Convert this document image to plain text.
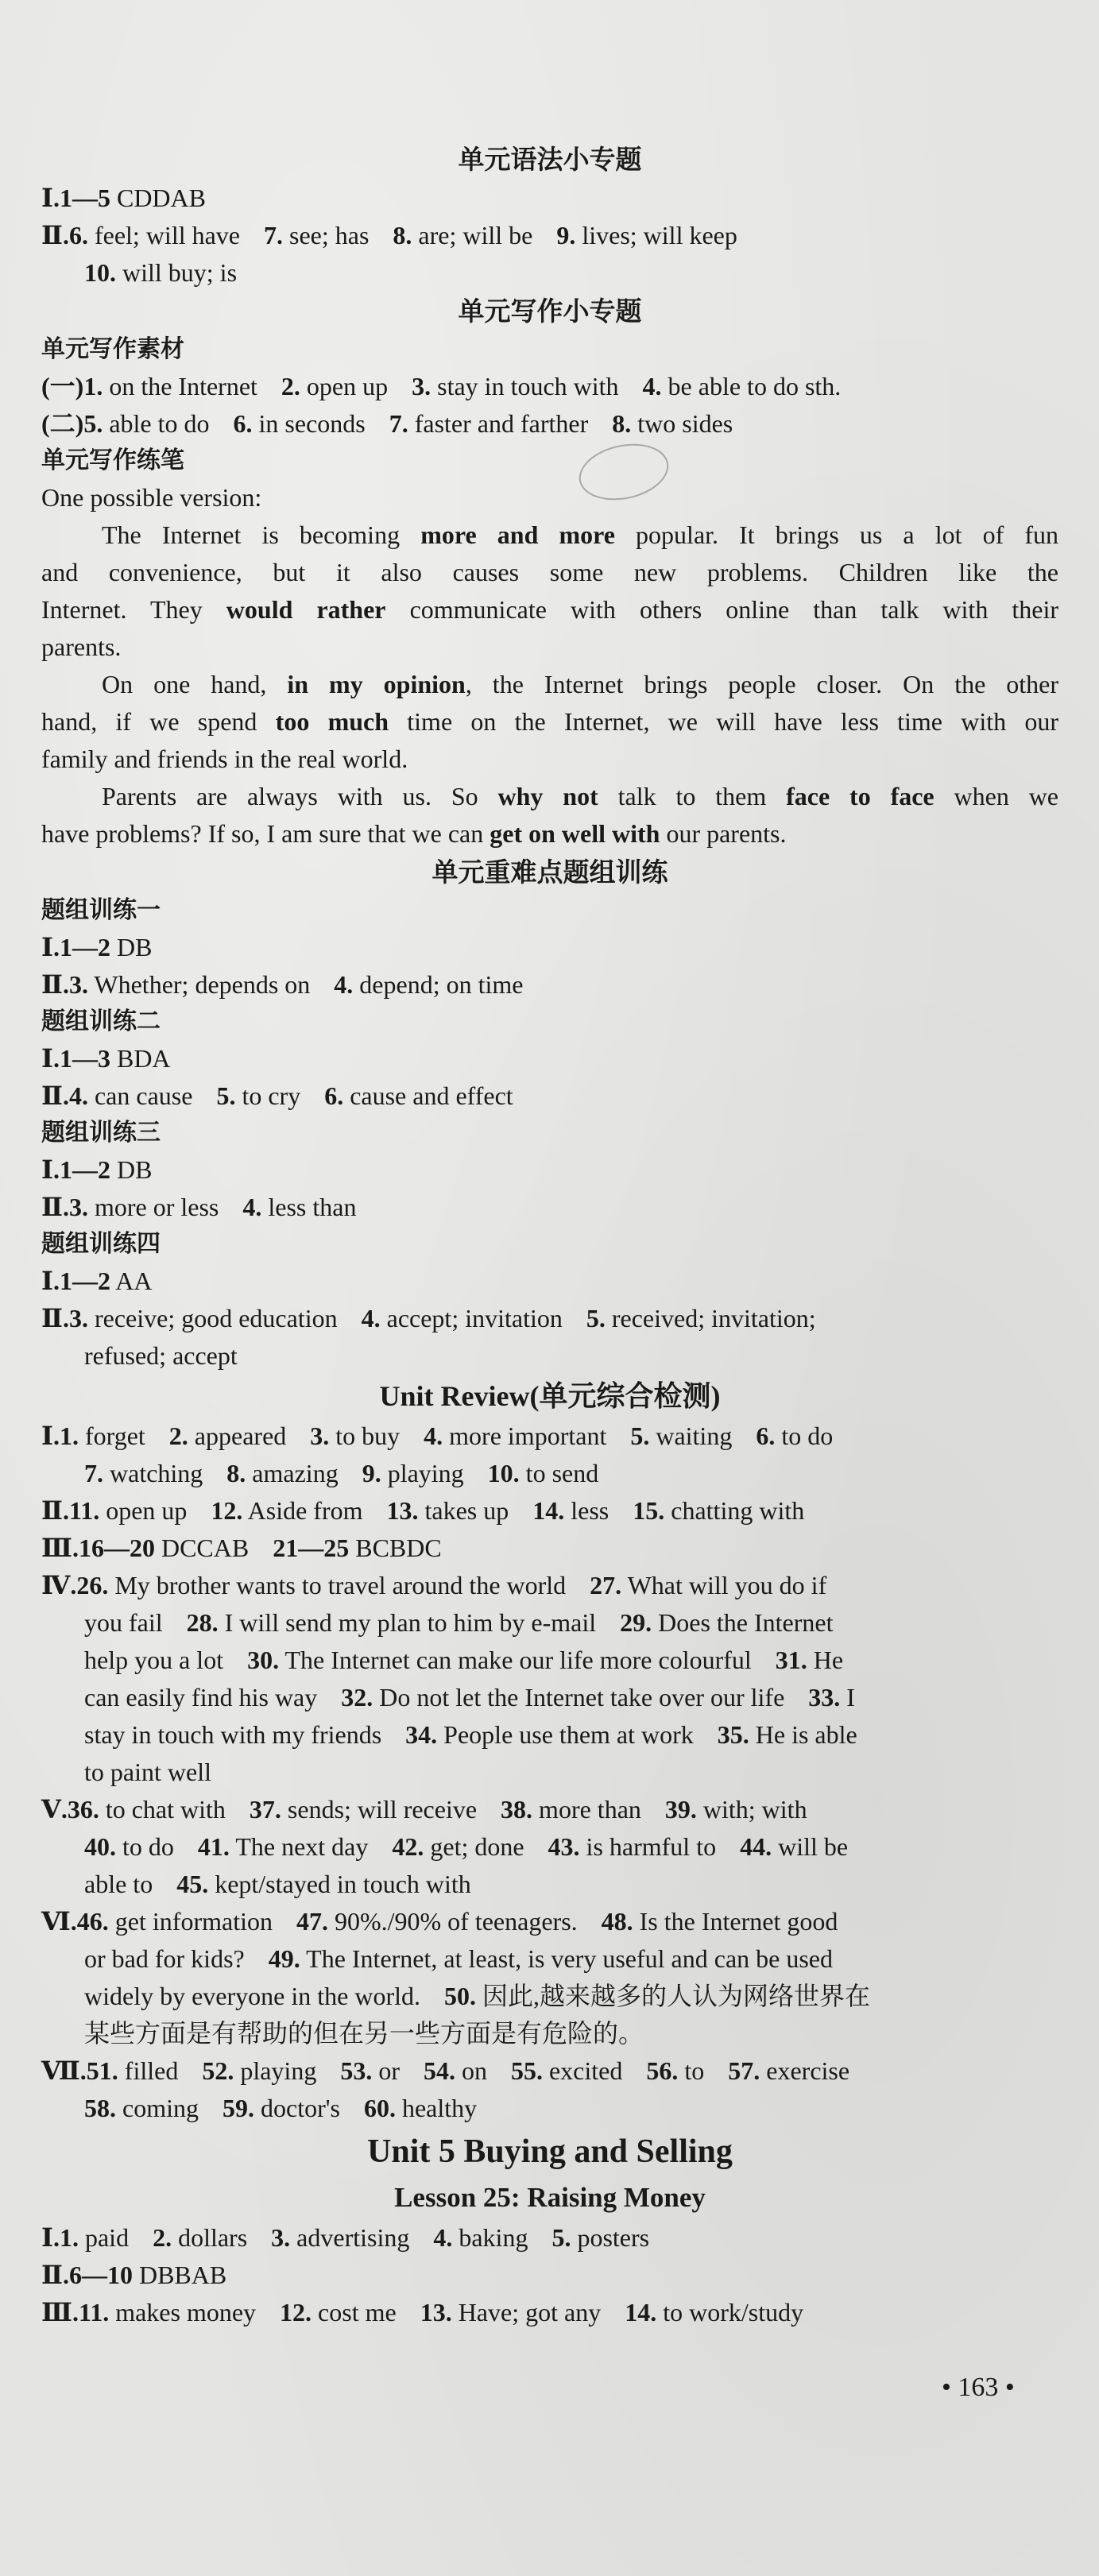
单元语法小专题
Ⅰ.1—5 CDDAB
Ⅱ.6. feel; will have 7. see; has 8. are; will be 9. lives; will keep
10. will buy; is
单元写作小专题
单元写作素材
(一)1. on the Internet 2. open up 3. stay in touch with 4. be able to do sth.
(二)5. able to do 6. in seconds 7. faster and farther 8. two sides
单元写作练笔
One possible version:
The Internet is becoming more and more popular. It brings us a lot of fun
and convenience, but it also causes some new problems. Children like the
Internet. They would rather communicate with others online than talk with their
parents.
On one hand, in my opinion, the Internet brings people closer. On the other
hand, if we spend too much time on the Internet, we will have less time with our
family and friends in the real world.
Parents are always with us. So why not talk to them face to face when we
have problems? If so, I am sure that we can get on well with our parents.
单元重难点题组训练
题组训练一
Ⅰ.1—2 DB
Ⅱ.3. Whether; depends on 4. depend; on time
题组训练二
Ⅰ.1—3 BDA
Ⅱ.4. can cause 5. to cry 6. cause and effect
题组训练三
Ⅰ.1—2 DB
Ⅱ.3. more or less 4. less than
题组训练四
Ⅰ.1—2 AA
Ⅱ.3. receive; good education 4. accept; invitation 5. received; invitation;
refused; accept
Unit Review(单元综合检测)
Ⅰ.1. forget 2. appeared 3. to buy 4. more important 5. waiting 6. to do
7. watching 8. amazing 9. playing 10. to send
Ⅱ.11. open up 12. Aside from 13. takes up 14. less 15. chatting with
Ⅲ.16—20 DCCAB 21—25 BCBDC
Ⅳ.26. My brother wants to travel around the world 27. What will you do if
you fail 28. I will send my plan to him by e-mail 29. Does the Internet
help you a lot 30. The Internet can make our life more colourful 31. He
can easily find his way 32. Do not let the Internet take over our life 33. I
stay in touch with my friends 34. People use them at work 35. He is able
to paint well
Ⅴ.36. to chat with 37. sends; will receive 38. more than 39. with; with
40. to do 41. The next day 42. get; done 43. is harmful to 44. will be
able to 45. kept/stayed in touch with
Ⅵ.46. get information 47. 90%./90% of teenagers. 48. Is the Internet good
or bad for kids? 49. The Internet, at least, is very useful and can be used
widely by everyone in the world. 50. 因此,越来越多的人认为网络世界在
某些方面是有帮助的但在另一些方面是有危险的。
Ⅶ.51. filled 52. playing 53. or 54. on 55. excited 56. to 57. exercise
58. coming 59. doctor's 60. healthy
Unit 5 Buying and Selling
Lesson 25: Raising Money
Ⅰ.1. paid 2. dollars 3. advertising 4. baking 5. posters
Ⅱ.6—10 DBBAB
Ⅲ.11. makes money 12. cost me 13. Have; got any 14. to work/study
• 163 •
